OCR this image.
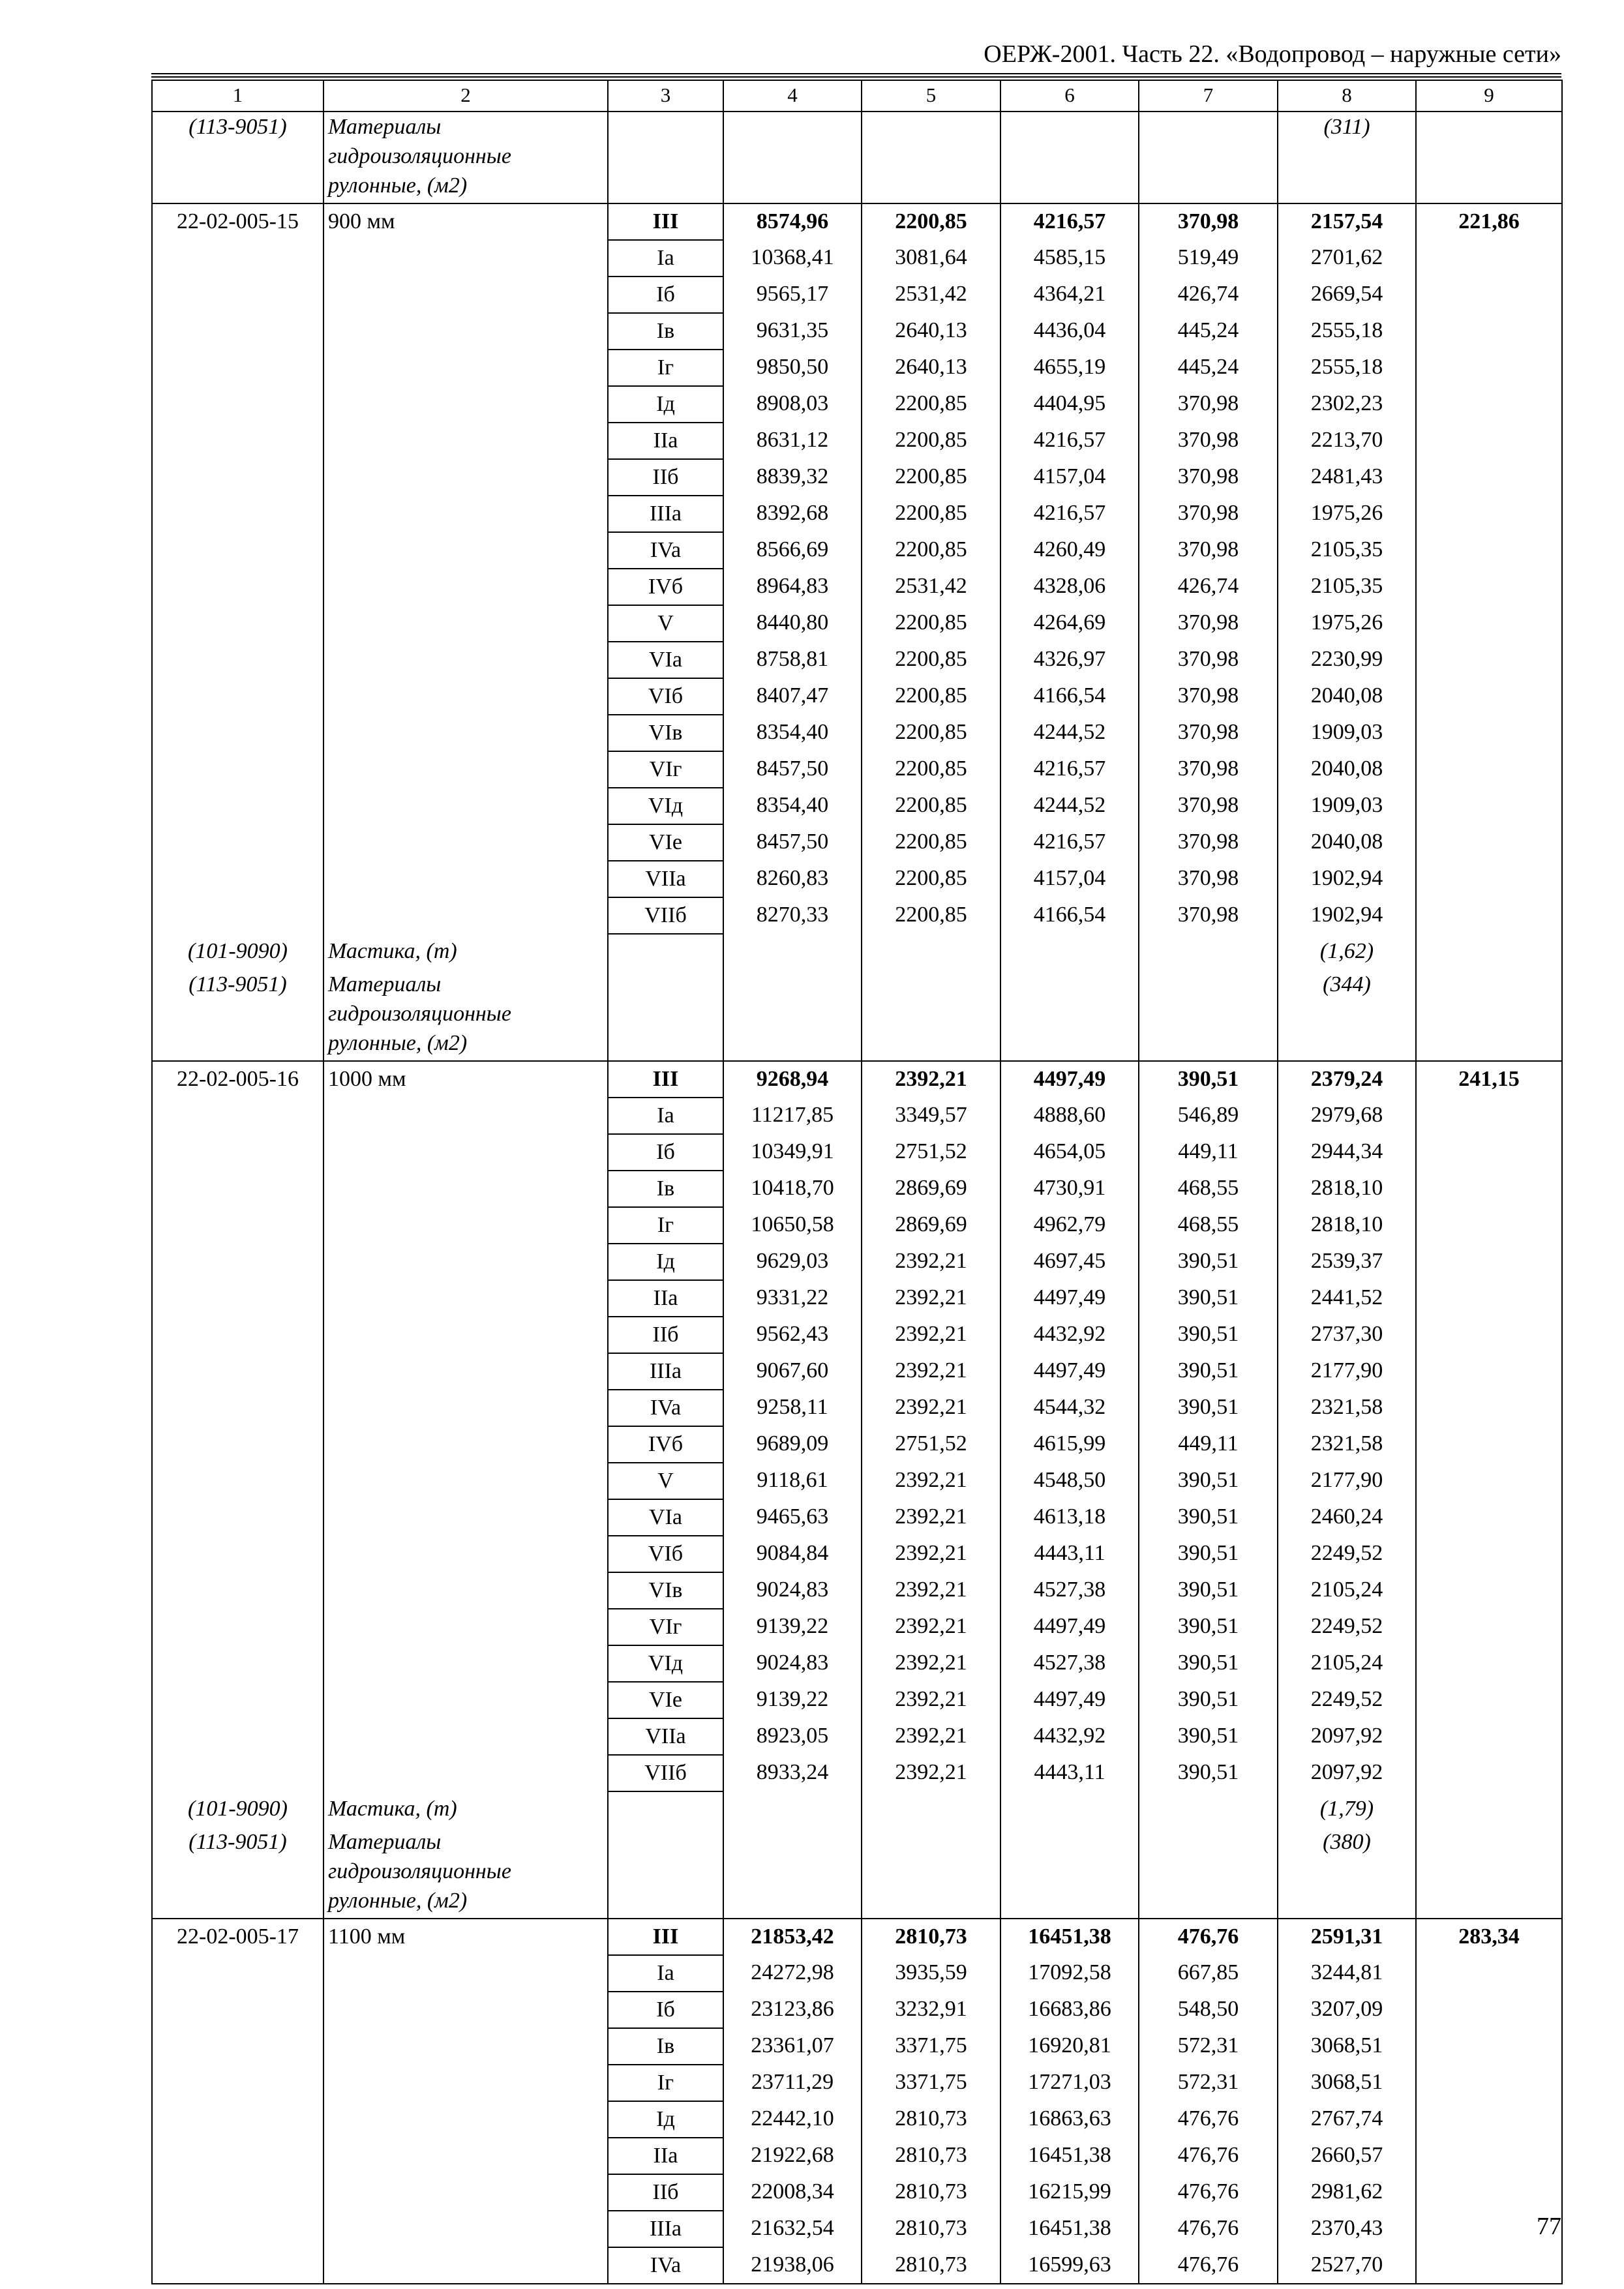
ОЕРЖ-2001. Часть 22. «Водопровод – наружные сети»
1	2	3	4	5	6	7	8	9
(113-9051)	Материалы
гидроизоляционные
рулонные, (м2)						(311)	
22-02-005-15	900 мм	III	8574,96	2200,85	4216,57	370,98	2157,54	221,86
		Ia	10368,41	3081,64	4585,15	519,49	2701,62	
		Iб	9565,17	2531,42	4364,21	426,74	2669,54	
		Iв	9631,35	2640,13	4436,04	445,24	2555,18	
		Iг	9850,50	2640,13	4655,19	445,24	2555,18	
		Iд	8908,03	2200,85	4404,95	370,98	2302,23	
		IIa	8631,12	2200,85	4216,57	370,98	2213,70	
		IIб	8839,32	2200,85	4157,04	370,98	2481,43	
		IIIa	8392,68	2200,85	4216,57	370,98	1975,26	
		IVa	8566,69	2200,85	4260,49	370,98	2105,35	
		IVб	8964,83	2531,42	4328,06	426,74	2105,35	
		V	8440,80	2200,85	4264,69	370,98	1975,26	
		VIa	8758,81	2200,85	4326,97	370,98	2230,99	
		VIб	8407,47	2200,85	4166,54	370,98	2040,08	
		VIв	8354,40	2200,85	4244,52	370,98	1909,03	
		VIг	8457,50	2200,85	4216,57	370,98	2040,08	
		VIд	8354,40	2200,85	4244,52	370,98	1909,03	
		VIe	8457,50	2200,85	4216,57	370,98	2040,08	
		VIIa	8260,83	2200,85	4157,04	370,98	1902,94	
		VIIб	8270,33	2200,85	4166,54	370,98	1902,94	
(101-9090)	Мастика, (т)						(1,62)	
(113-9051)	Материалы
гидроизоляционные
рулонные, (м2)						(344)	
22-02-005-16	1000 мм	III	9268,94	2392,21	4497,49	390,51	2379,24	241,15
		Ia	11217,85	3349,57	4888,60	546,89	2979,68	
		Iб	10349,91	2751,52	4654,05	449,11	2944,34	
		Iв	10418,70	2869,69	4730,91	468,55	2818,10	
		Iг	10650,58	2869,69	4962,79	468,55	2818,10	
		Iд	9629,03	2392,21	4697,45	390,51	2539,37	
		IIa	9331,22	2392,21	4497,49	390,51	2441,52	
		IIб	9562,43	2392,21	4432,92	390,51	2737,30	
		IIIa	9067,60	2392,21	4497,49	390,51	2177,90	
		IVa	9258,11	2392,21	4544,32	390,51	2321,58	
		IVб	9689,09	2751,52	4615,99	449,11	2321,58	
		V	9118,61	2392,21	4548,50	390,51	2177,90	
		VIa	9465,63	2392,21	4613,18	390,51	2460,24	
		VIб	9084,84	2392,21	4443,11	390,51	2249,52	
		VIв	9024,83	2392,21	4527,38	390,51	2105,24	
		VIг	9139,22	2392,21	4497,49	390,51	2249,52	
		VIд	9024,83	2392,21	4527,38	390,51	2105,24	
		VIe	9139,22	2392,21	4497,49	390,51	2249,52	
		VIIa	8923,05	2392,21	4432,92	390,51	2097,92	
		VIIб	8933,24	2392,21	4443,11	390,51	2097,92	
(101-9090)	Мастика, (т)						(1,79)	
(113-9051)	Материалы
гидроизоляционные
рулонные, (м2)						(380)	
22-02-005-17	1100 мм	III	21853,42	2810,73	16451,38	476,76	2591,31	283,34
		Ia	24272,98	3935,59	17092,58	667,85	3244,81	
		Iб	23123,86	3232,91	16683,86	548,50	3207,09	
		Iв	23361,07	3371,75	16920,81	572,31	3068,51	
		Iг	23711,29	3371,75	17271,03	572,31	3068,51	
		Iд	22442,10	2810,73	16863,63	476,76	2767,74	
		IIa	21922,68	2810,73	16451,38	476,76	2660,57	
		IIб	22008,34	2810,73	16215,99	476,76	2981,62	
		IIIa	21632,54	2810,73	16451,38	476,76	2370,43	
		IVa	21938,06	2810,73	16599,63	476,76	2527,70	
77
